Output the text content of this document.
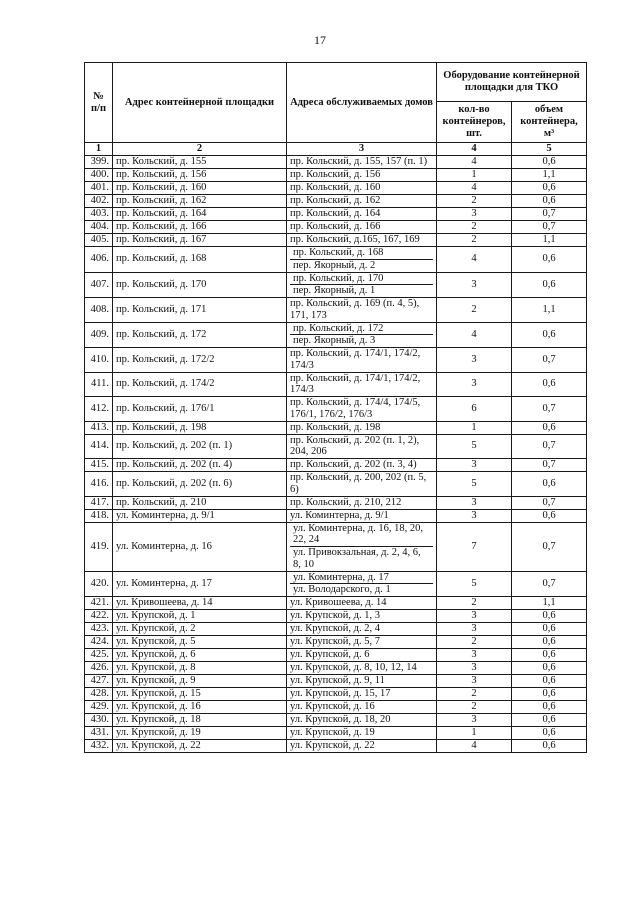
17
№ п/п	Адрес контейнерной площадки	Адреса обслуживаемых домов	Оборудование контейнерной площадки для ТКО	
			кол-во контейнеров, шт.	объем контейнера, м³
1	2	3	4	5
399.	пр. Кольский, д. 155	пр. Кольский, д. 155, 157 (п. 1)	4	0,6
400.	пр. Кольский, д. 156	пр. Кольский, д. 156	1	1,1
401.	пр. Кольский, д. 160	пр. Кольский, д. 160	4	0,6
402.	пр. Кольский, д. 162	пр. Кольский, д. 162	2	0,6
403.	пр. Кольский, д. 164	пр. Кольский, д. 164	3	0,7
404.	пр. Кольский, д. 166	пр. Кольский, д. 166	2	0,7
405.	пр. Кольский, д. 167	пр. Кольский, д.165, 167, 169	2	1,1
406.	пр. Кольский, д. 168	пр. Кольский, д. 168
пер. Якорный, д. 2	4	0,6
407.	пр. Кольский, д. 170	пр. Кольский, д. 170
пер. Якорный, д. 1	3	0,6
408.	пр. Кольский, д. 171	пр. Кольский, д. 169 (п. 4, 5), 171, 173	2	1,1
409.	пр. Кольский, д. 172	пр. Кольский, д. 172
пер. Якорный, д. 3	4	0,6
410.	пр. Кольский, д. 172/2	пр. Кольский, д. 174/1, 174/2, 174/3	3	0,7
411.	пр. Кольский, д. 174/2	пр. Кольский, д. 174/1, 174/2, 174/3	3	0,6
412.	пр. Кольский, д. 176/1	пр. Кольский, д. 174/4, 174/5, 176/1, 176/2, 176/3	6	0,7
413.	пр. Кольский, д. 198	пр. Кольский, д. 198	1	0,6
414.	пр. Кольский, д. 202 (п. 1)	пр. Кольский, д. 202 (п. 1, 2), 204, 206	5	0,7
415.	пр. Кольский, д. 202 (п. 4)	пр. Кольский, д. 202 (п. 3, 4)	3	0,7
416.	пр. Кольский, д. 202 (п. 6)	пр. Кольский, д. 200, 202 (п. 5, 6)	5	0,6
417.	пр. Кольский, д. 210	пр. Кольский, д. 210, 212	3	0,7
418.	ул. Коминтерна, д. 9/1	ул. Коминтерна, д. 9/1	3	0,6
419.	ул. Коминтерна, д. 16	ул. Коминтерна, д. 16, 18, 20, 22, 24
ул. Привокзальная, д. 2, 4, 6, 8, 10	7	0,7
420.	ул. Коминтерна, д. 17	ул. Коминтерна, д. 17
ул. Володарского, д. 1	5	0,7
421.	ул. Кривошеева, д. 14	ул. Кривошеева, д. 14	2	1,1
422.	ул. Крупской, д. 1	ул. Крупской, д. 1, 3	3	0,6
423.	ул. Крупской, д. 2	ул. Крупской, д. 2, 4	3	0,6
424.	ул. Крупской, д. 5	ул. Крупской, д. 5, 7	2	0,6
425.	ул. Крупской, д. 6	ул. Крупской, д. 6	3	0,6
426.	ул. Крупской, д. 8	ул. Крупской, д. 8, 10, 12, 14	3	0,6
427.	ул. Крупской, д. 9	ул. Крупской, д. 9, 11	3	0,6
428.	ул. Крупской, д. 15	ул. Крупской, д. 15, 17	2	0,6
429.	ул. Крупской, д. 16	ул. Крупской, д. 16	2	0,6
430.	ул. Крупской, д. 18	ул. Крупской, д. 18, 20	3	0,6
431.	ул. Крупской, д. 19	ул. Крупской, д. 19	1	0,6
432.	ул. Крупской, д. 22	ул. Крупской, д. 22	4	0,6
